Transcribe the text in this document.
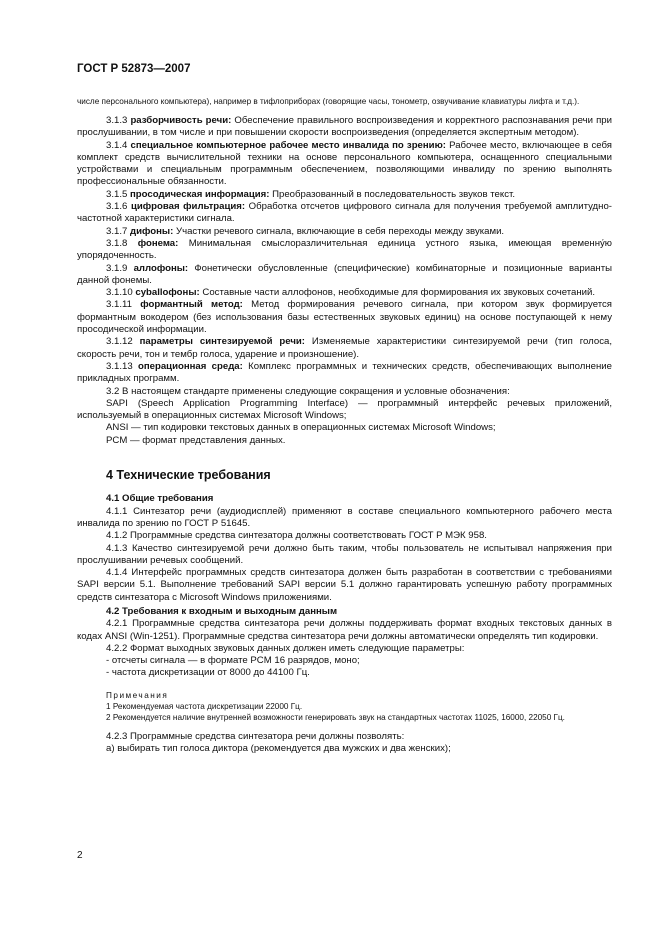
ГОСТ Р 52873—2007

числе персонального компьютера), например в тифлоприборах (говорящие часы, тонометр, озвучивание клавиатуры лифта и т.д.).

3.1.3 разборчивость речи: Обеспечение правильного воспроизведения и корректного распознавания речи при прослушивании, в том числе и при повышении скорости воспроизведения (определяется экспертным методом).

3.1.4 специальное компьютерное рабочее место инвалида по зрению: Рабочее место, включающее в себя комплект средств вычислительной техники на основе персонального компьютера, оснащенного специальными устройствами и специальным программным обеспечением, позволяющими инвалиду по зрению выполнять профессиональные обязанности.

3.1.5 просодическая информация: Преобразованный в последовательность звуков текст.

3.1.6 цифровая фильтрация: Обработка отсчетов цифрового сигнала для получения требуемой амплитудно-частотной характеристики сигнала.

3.1.7 дифоны: Участки речевого сигнала, включающие в себя переходы между звуками.

3.1.8 фонема: Минимальная смыслоразличительная единица устного языка, имеющая временну́ю упорядоченность.

3.1.9 аллофоны: Фонетически обусловленные (специфические) комбинаторные и позиционные варианты данной фонемы.

3.1.10 суballофоны: Составные части аллофонов, необходимые для формирования их звуковых сочетаний.

3.1.11 формантный метод: Метод формирования речевого сигнала, при котором звук формируется формантным вокодером (без использования базы естественных звуковых единиц) на основе поступающей к нему просодической информации.

3.1.12 параметры синтезируемой речи: Изменяемые характеристики синтезируемой речи (тип голоса, скорость речи, тон и тембр голоса, ударение и произношение).

3.1.13 операционная среда: Комплекс программных и технических средств, обеспечивающих выполнение прикладных программ.

3.2 В настоящем стандарте применены следующие сокращения и условные обозначения:

SAPI (Speech Application Programming Interface) — программный интерфейс речевых приложений, используемый в операционных системах Microsoft Windows;

ANSI — тип кодировки текстовых данных в операционных системах Microsoft Windows;

PCM — формат представления данных.

4 Технические требования

4.1 Общие требования

4.1.1 Синтезатор речи (аудиодисплей) применяют в составе специального компьютерного рабочего места инвалида по зрению по ГОСТ Р 51645.

4.1.2 Программные средства синтезатора должны соответствовать ГОСТ Р МЭК 958.

4.1.3 Качество синтезируемой речи должно быть таким, чтобы пользователь не испытывал напряжения при прослушивании речевых сообщений.

4.1.4 Интерфейс программных средств синтезатора должен быть разработан в соответствии с требованиями SAPI версии 5.1. Выполнение требований SAPI версии 5.1 должно гарантировать успешную работу программных средств синтезатора с Microsoft Windows приложениями.

4.2 Требования к входным и выходным данным

4.2.1 Программные средства синтезатора речи должны поддерживать формат входных текстовых данных в кодах ANSI (Win-1251). Программные средства синтезатора речи должны автоматически определять тип кодировки.

4.2.2 Формат выходных звуковых данных должен иметь следующие параметры:

- отсчеты сигнала — в формате PCM 16 разрядов, моно;

- частота дискретизации от 8000 до 44100 Гц.

Примечания

1 Рекомендуемая частота дискретизации 22000 Гц.

2 Рекомендуется наличие внутренней возможности генерировать звук на стандартных частотах 11025, 16000, 22050 Гц.

4.2.3 Программные средства синтезатора речи должны позволять:

а) выбирать тип голоса диктора (рекомендуется два мужских и два женских);

2
